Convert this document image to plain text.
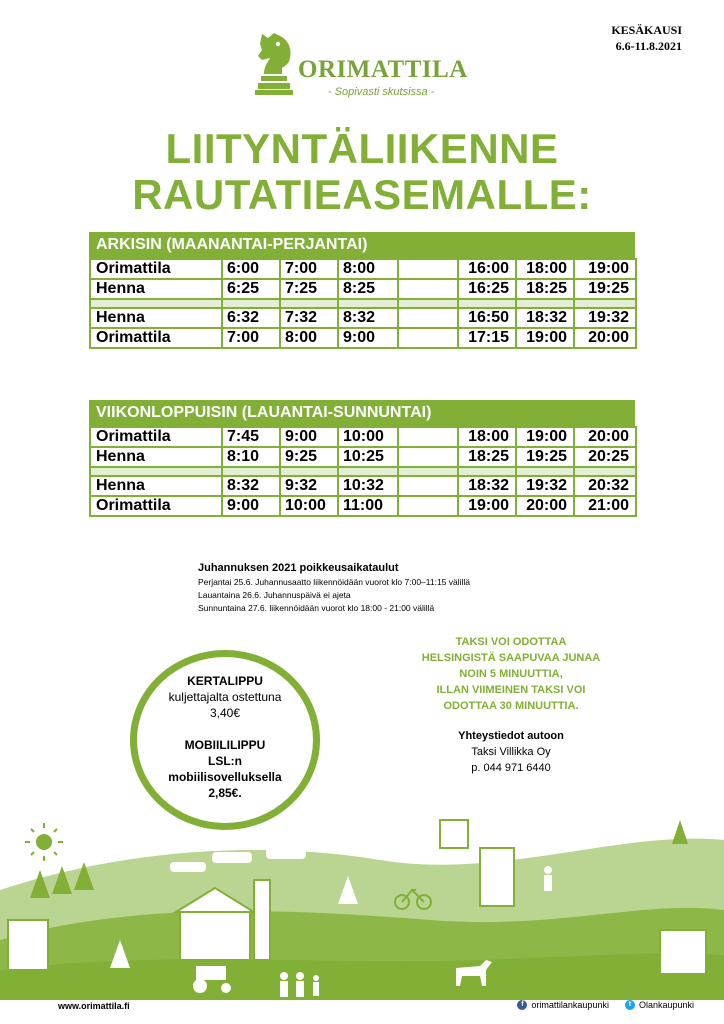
KESÄKAUSI
6.6-11.8.2021
ORIMATTILA
- Sopivasti skutsissa -
LIITYNTÄLIIKENNE
RAUTATIEASEMALLE:
ARKISIN (MAANANTAI-PERJANTAI)
Orimattila	6:00	7:00	8:00		16:00	18:00	19:00
Henna	6:25	7:25	8:25		16:25	18:25	19:25

Henna	6:32	7:32	8:32		16:50	18:32	19:32
Orimattila	7:00	8:00	9:00		17:15	19:00	20:00
VIIKONLOPPUISIN (LAUANTAI-SUNNUNTAI)
Orimattila	7:45	9:00	10:00		18:00	19:00	20:00
Henna	8:10	9:25	10:25		18:25	19:25	20:25

Henna	8:32	9:32	10:32		18:32	19:32	20:32
Orimattila	9:00	10:00	11:00		19:00	20:00	21:00
Juhannuksen 2021 poikkeusaikataulut
Perjantai 25.6. Juhannusaatto liikennöidään vuorot klo 7:00–11:15 välillä
Lauantaina 26.6. Juhannuspäivä ei ajeta
Sunnuntaina 27.6. liikennöidään vuorot klo 18:00 - 21:00 välillä
KERTALIPPU
kuljettajalta ostettuna
3,40€
MOBIILILIPPU
LSL:n
mobiilisovelluksella
2,85€.
TAKSI VOI ODOTTAA
HELSINGISTÄ SAAPUVAA JUNAA
NOIN 5 MINUUTTIA,
ILLAN VIIMEINEN TAKSI VOI
ODOTTAA 30 MINUUTTIA.
Yhteystiedot autoon
Taksi Villikka Oy
p. 044 971 6440
www.orimattila.fi	f orimattilankaupunki	t Olankaupunki
